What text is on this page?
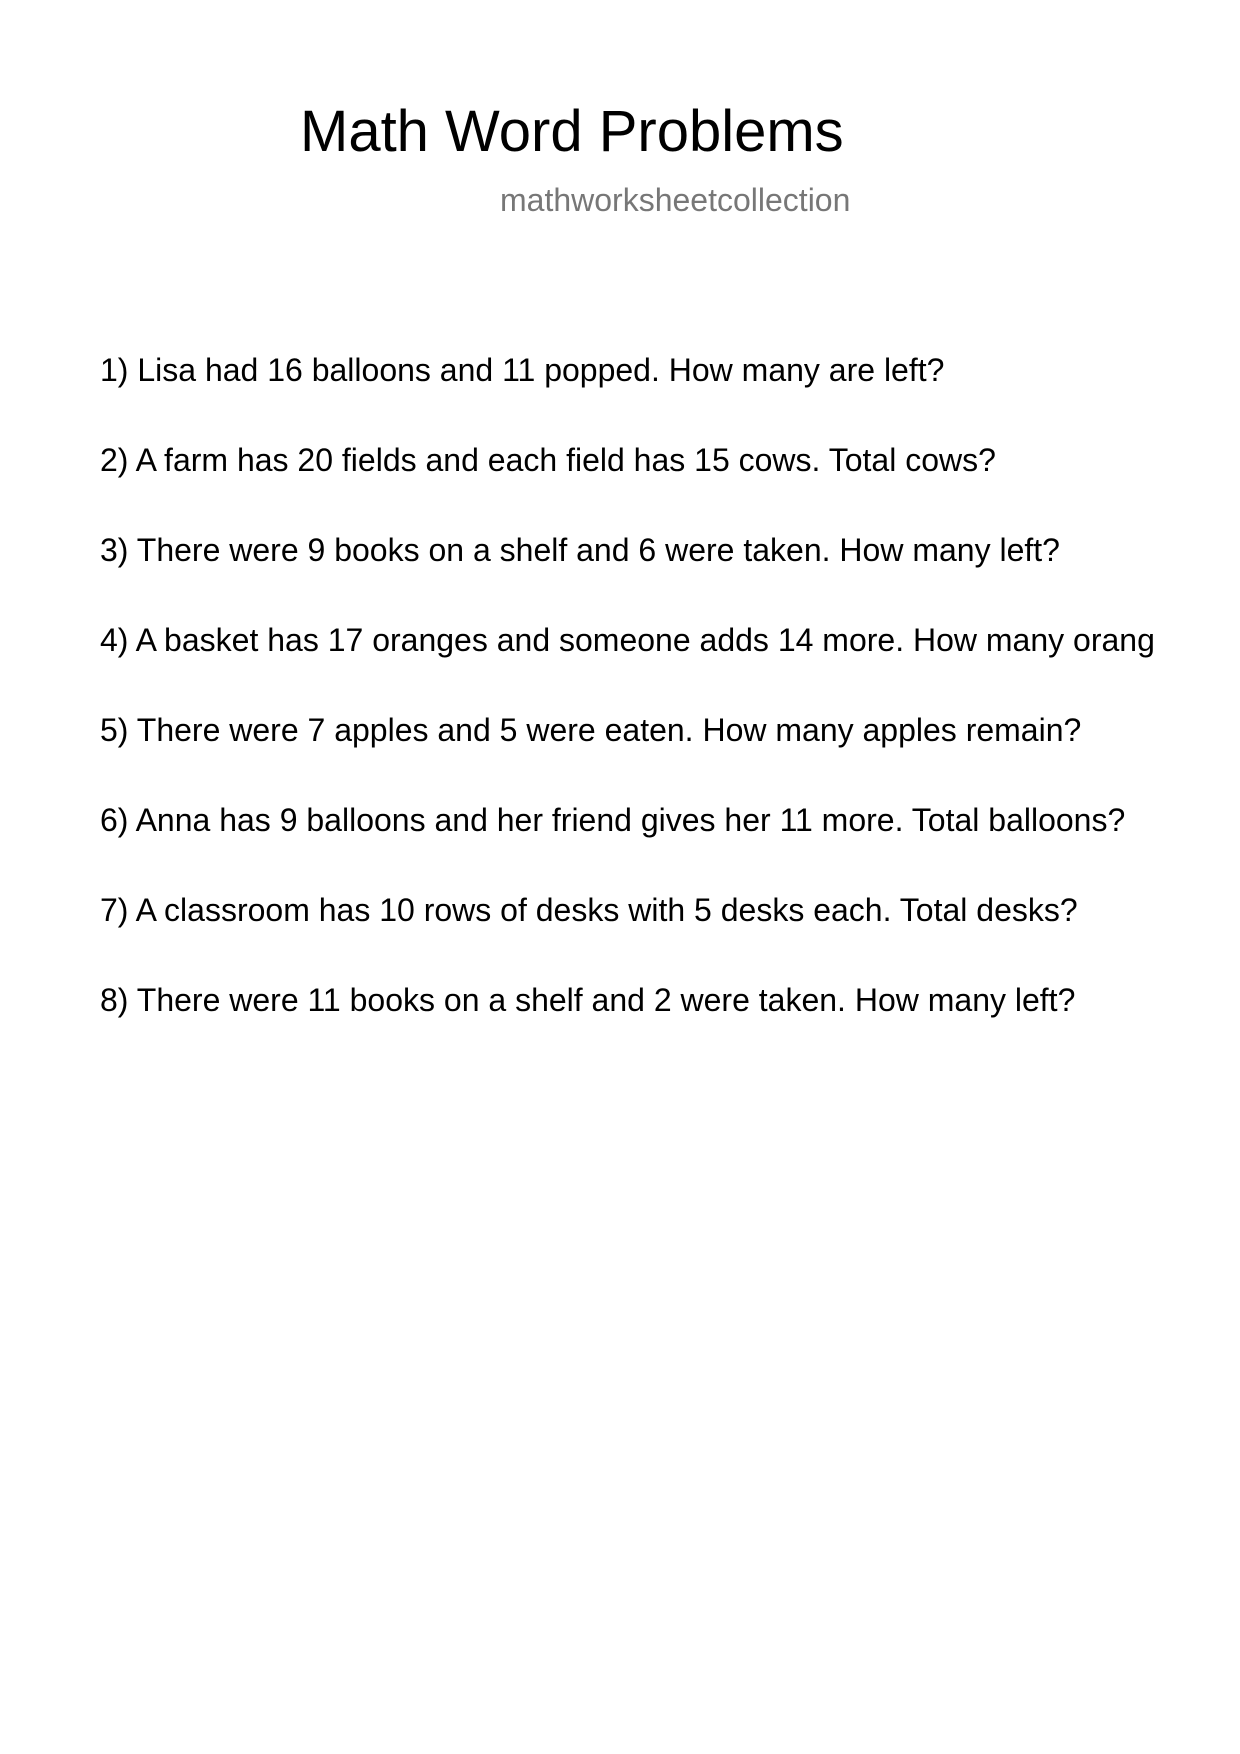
Math Word Problems
mathworksheetcollection
1) Lisa had 16 balloons and 11 popped. How many are left?
2) A farm has 20 fields and each field has 15 cows. Total cows?
3) There were 9 books on a shelf and 6 were taken. How many left?
4) A basket has 17 oranges and someone adds 14 more. How many orang
5) There were 7 apples and 5 were eaten. How many apples remain?
6) Anna has 9 balloons and her friend gives her 11 more. Total balloons?
7) A classroom has 10 rows of desks with 5 desks each. Total desks?
8) There were 11 books on a shelf and 2 were taken. How many left?
